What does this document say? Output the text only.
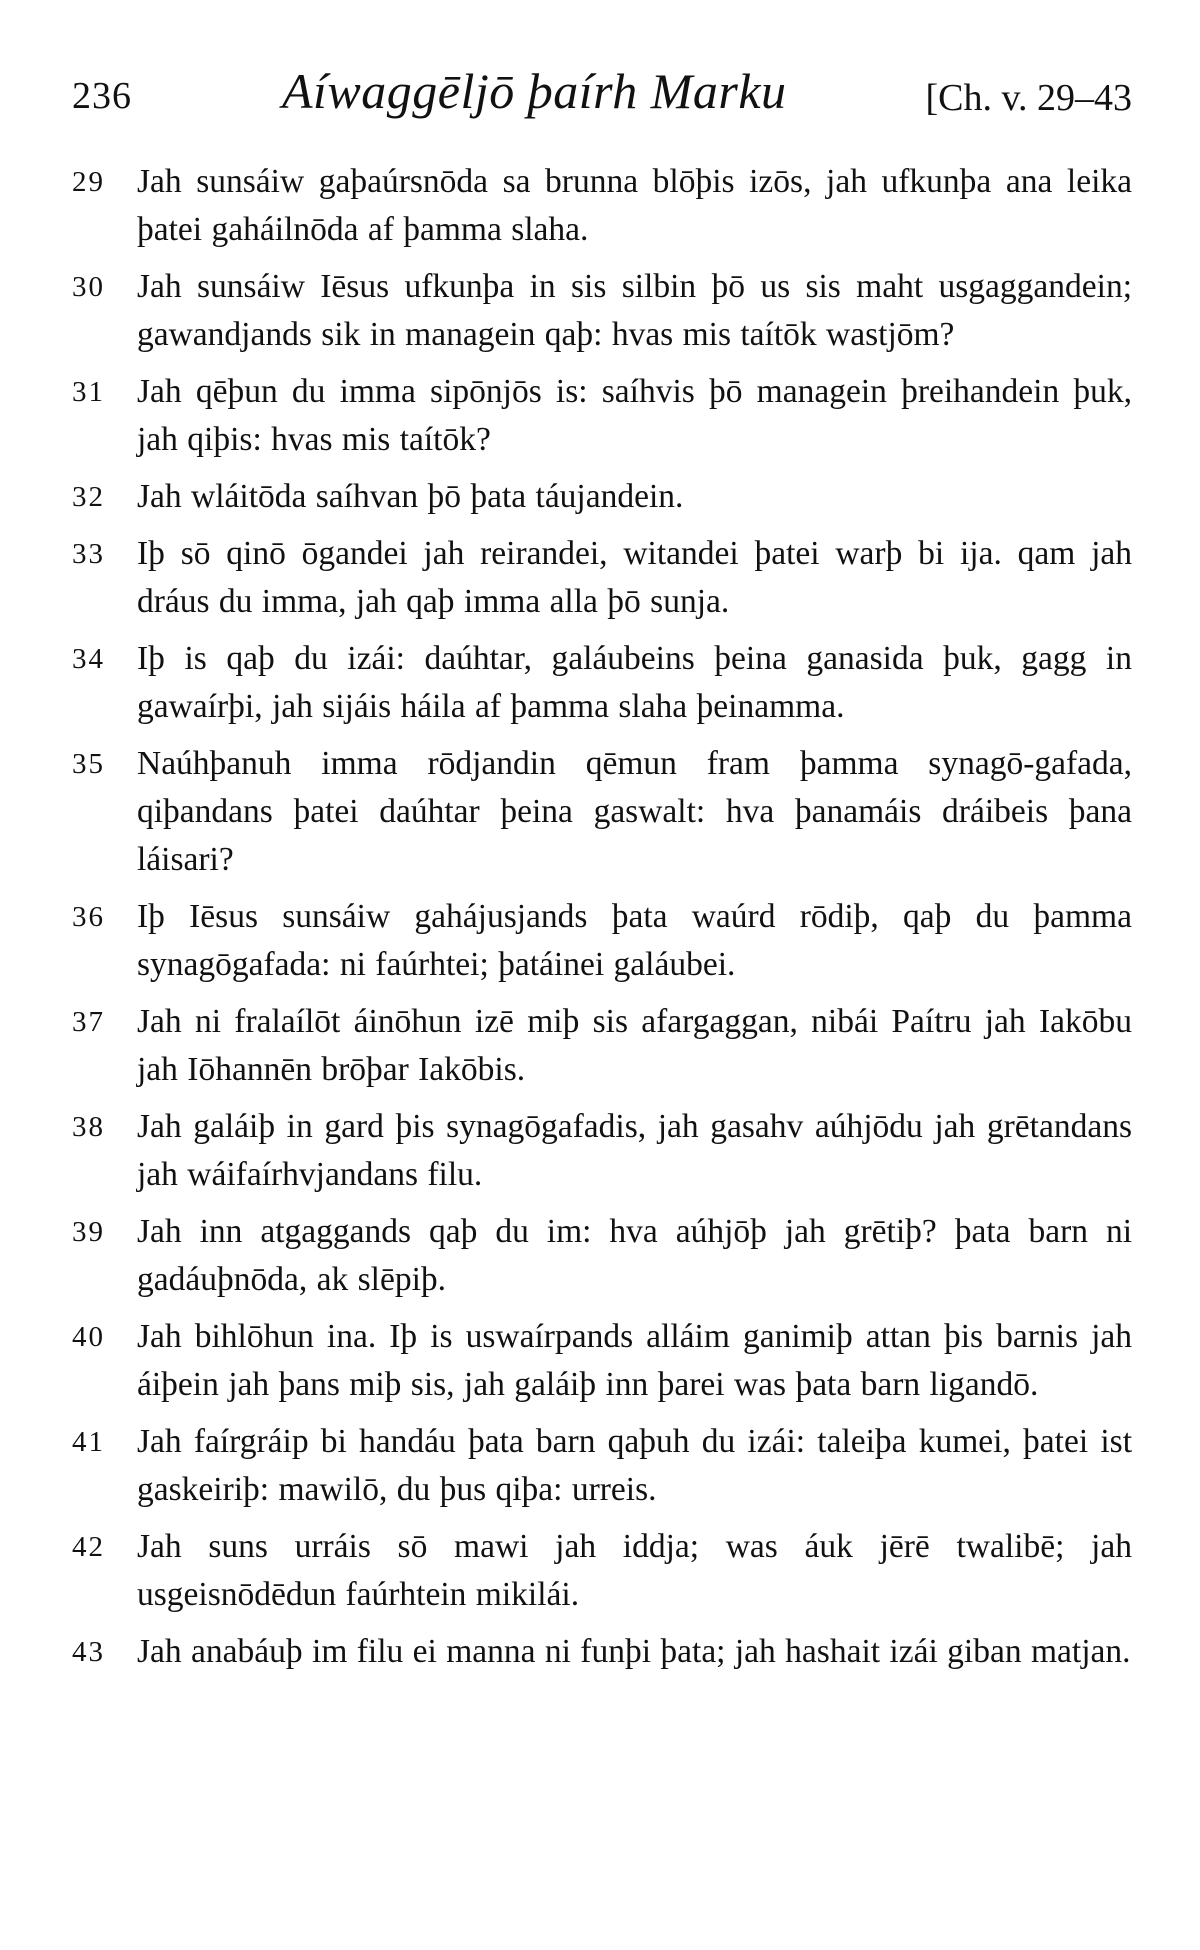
236	Aíwaggēljō þaírh Marku	[Ch. v. 29–43
29 Jah sunsáiw gaþaúrsnōda sa brunna blōþis izōs, jah ufkunþa ana leika þatei gaháilnōda af þamma slaha.
30 Jah sunsáiw Iēsus ufkunþa in sis silbin þō us sis maht usgaggandein; gawandjands sik in managein qaþ: hvas mis taítōk wastjōm?
31 Jah qēþun du imma sipōnjōs is: saíhvis þō managein þreihandein þuk, jah qiþis: hvas mis taítōk?
32 Jah wláitōda saíhvan þō þata táujandein.
33 Iþ sō qinō ōgandei jah reirandei, witandei þatei warþ bi ija. qam jah dráus du imma, jah qaþ imma alla þō sunja.
34 Iþ is qaþ du izái: daúhtar, galáubeins þeina ganasida þuk, gagg in gawaírþi, jah sijáis háila af þamma slaha þeinamma.
35 Naúhþanuh imma rōdjandin qēmun fram þamma synagō-gafada, qiþandans þatei daúhtar þeina gaswalt: hva þanamáis dráibeis þana láisari?
36 Iþ Iēsus sunsáiw gahájusjands þata waúrd rōdiþ, qaþ du þamma synagōgafada: ni faúrhtei; þatáinei galáubei.
37 Jah ni fralaílōt áinōhun izē miþ sis afargaggan, nibái Paítru jah Iakōbu jah Iōhannēn brōþar Iakōbis.
38 Jah galáiþ in gard þis synagōgafadis, jah gasahv aúhjōdu jah grētandans jah wáifaírhvjandans filu.
39 Jah inn atgaggands qaþ du im: hva aúhjōþ jah grētiþ? þata barn ni gadáuþnōda, ak slēpiþ.
40 Jah bihlōhun ina. Iþ is uswaírpands alláim ganimiþ attan þis barnis jah áiþein jah þans miþ sis, jah galáiþ inn þarei was þata barn ligandō.
41 Jah faírgráip bi handáu þata barn qaþuh du izái: taleiþa kumei, þatei ist gaskeiriþ: mawilō, du þus qiþa: urreis.
42 Jah suns urráis sō mawi jah iddja; was áuk jērē twalibē; jah usgeisnōdēdun faúrhtein mikilái.
43 Jah anabáuþ im filu ei manna ni funþi þata; jah hashait izái giban matjan.
